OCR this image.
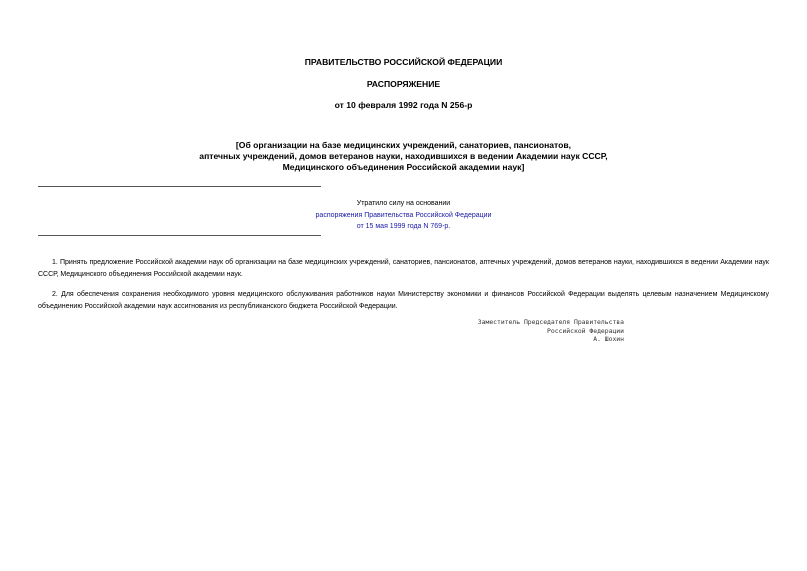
ПРАВИТЕЛЬСТВО РОССИЙСКОЙ ФЕДЕРАЦИИ
РАСПОРЯЖЕНИЕ
от 10 февраля 1992 года N 256-р
[Об организации на базе медицинских учреждений, санаториев, пансионатов,
аптечных учреждений, домов ветеранов науки, находившихся в ведении Академии наук СССР,
Медицинского объединения Российской академии наук]
Утратило силу на основании
распоряжения Правительства Российской Федерации
от 15 мая 1999 года N 769-р.
1. Принять предложение Российской академии наук об организации на базе медицинских учреждений, санаториев, пансионатов, аптечных учреждений, домов ветеранов науки, находившихся в ведении Академии наук СССР, Медицинского объединения Российской академии наук.
2. Для обеспечения сохранения необходимого уровня медицинского обслуживания работников науки Министерству экономики и финансов Российской Федерации выделять целевым назначением Медицинскому объединению Российской академии наук ассигнования из республиканского бюджета Российской Федерации.
Заместитель Председателя Правительства
Российской Федерации
А. Шохин
